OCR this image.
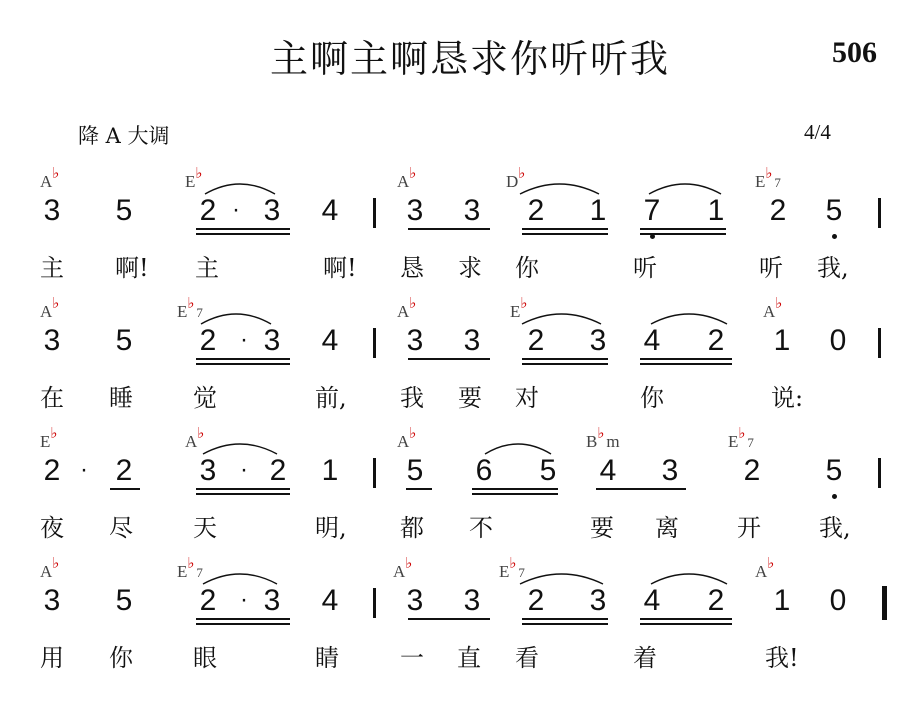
主啊主啊恳求你听听我	506
降 A 大调	4/4
A ♭	E ♭	A ♭	D ♭	E ♭
7
3 5 2 · 3 4 3 3 2 1 7 1 2 5
主 啊!	主	啊!	恳 求 你	听	听 我,
A ♭	E ♭
7	A ♭	E ♭	A ♭
3 5 2 · 3 4 3 3 2 3 4 2 1 0
在 睡	觉	前,	我 要 对	你	说:
E ♭	A ♭	A ♭	B ♭ m	E ♭
7
2 · 2 3 · 2 1 5 6 5 4 3 2 5
夜 尽	天	明,	都 不	要 离 开 我,
A ♭	E ♭
7	A ♭	E ♭
7	A ♭
3 5 2 · 3 4 3 3 2 3 4 2 1 0
用 你	眼	睛	一 直 看	着	我!
